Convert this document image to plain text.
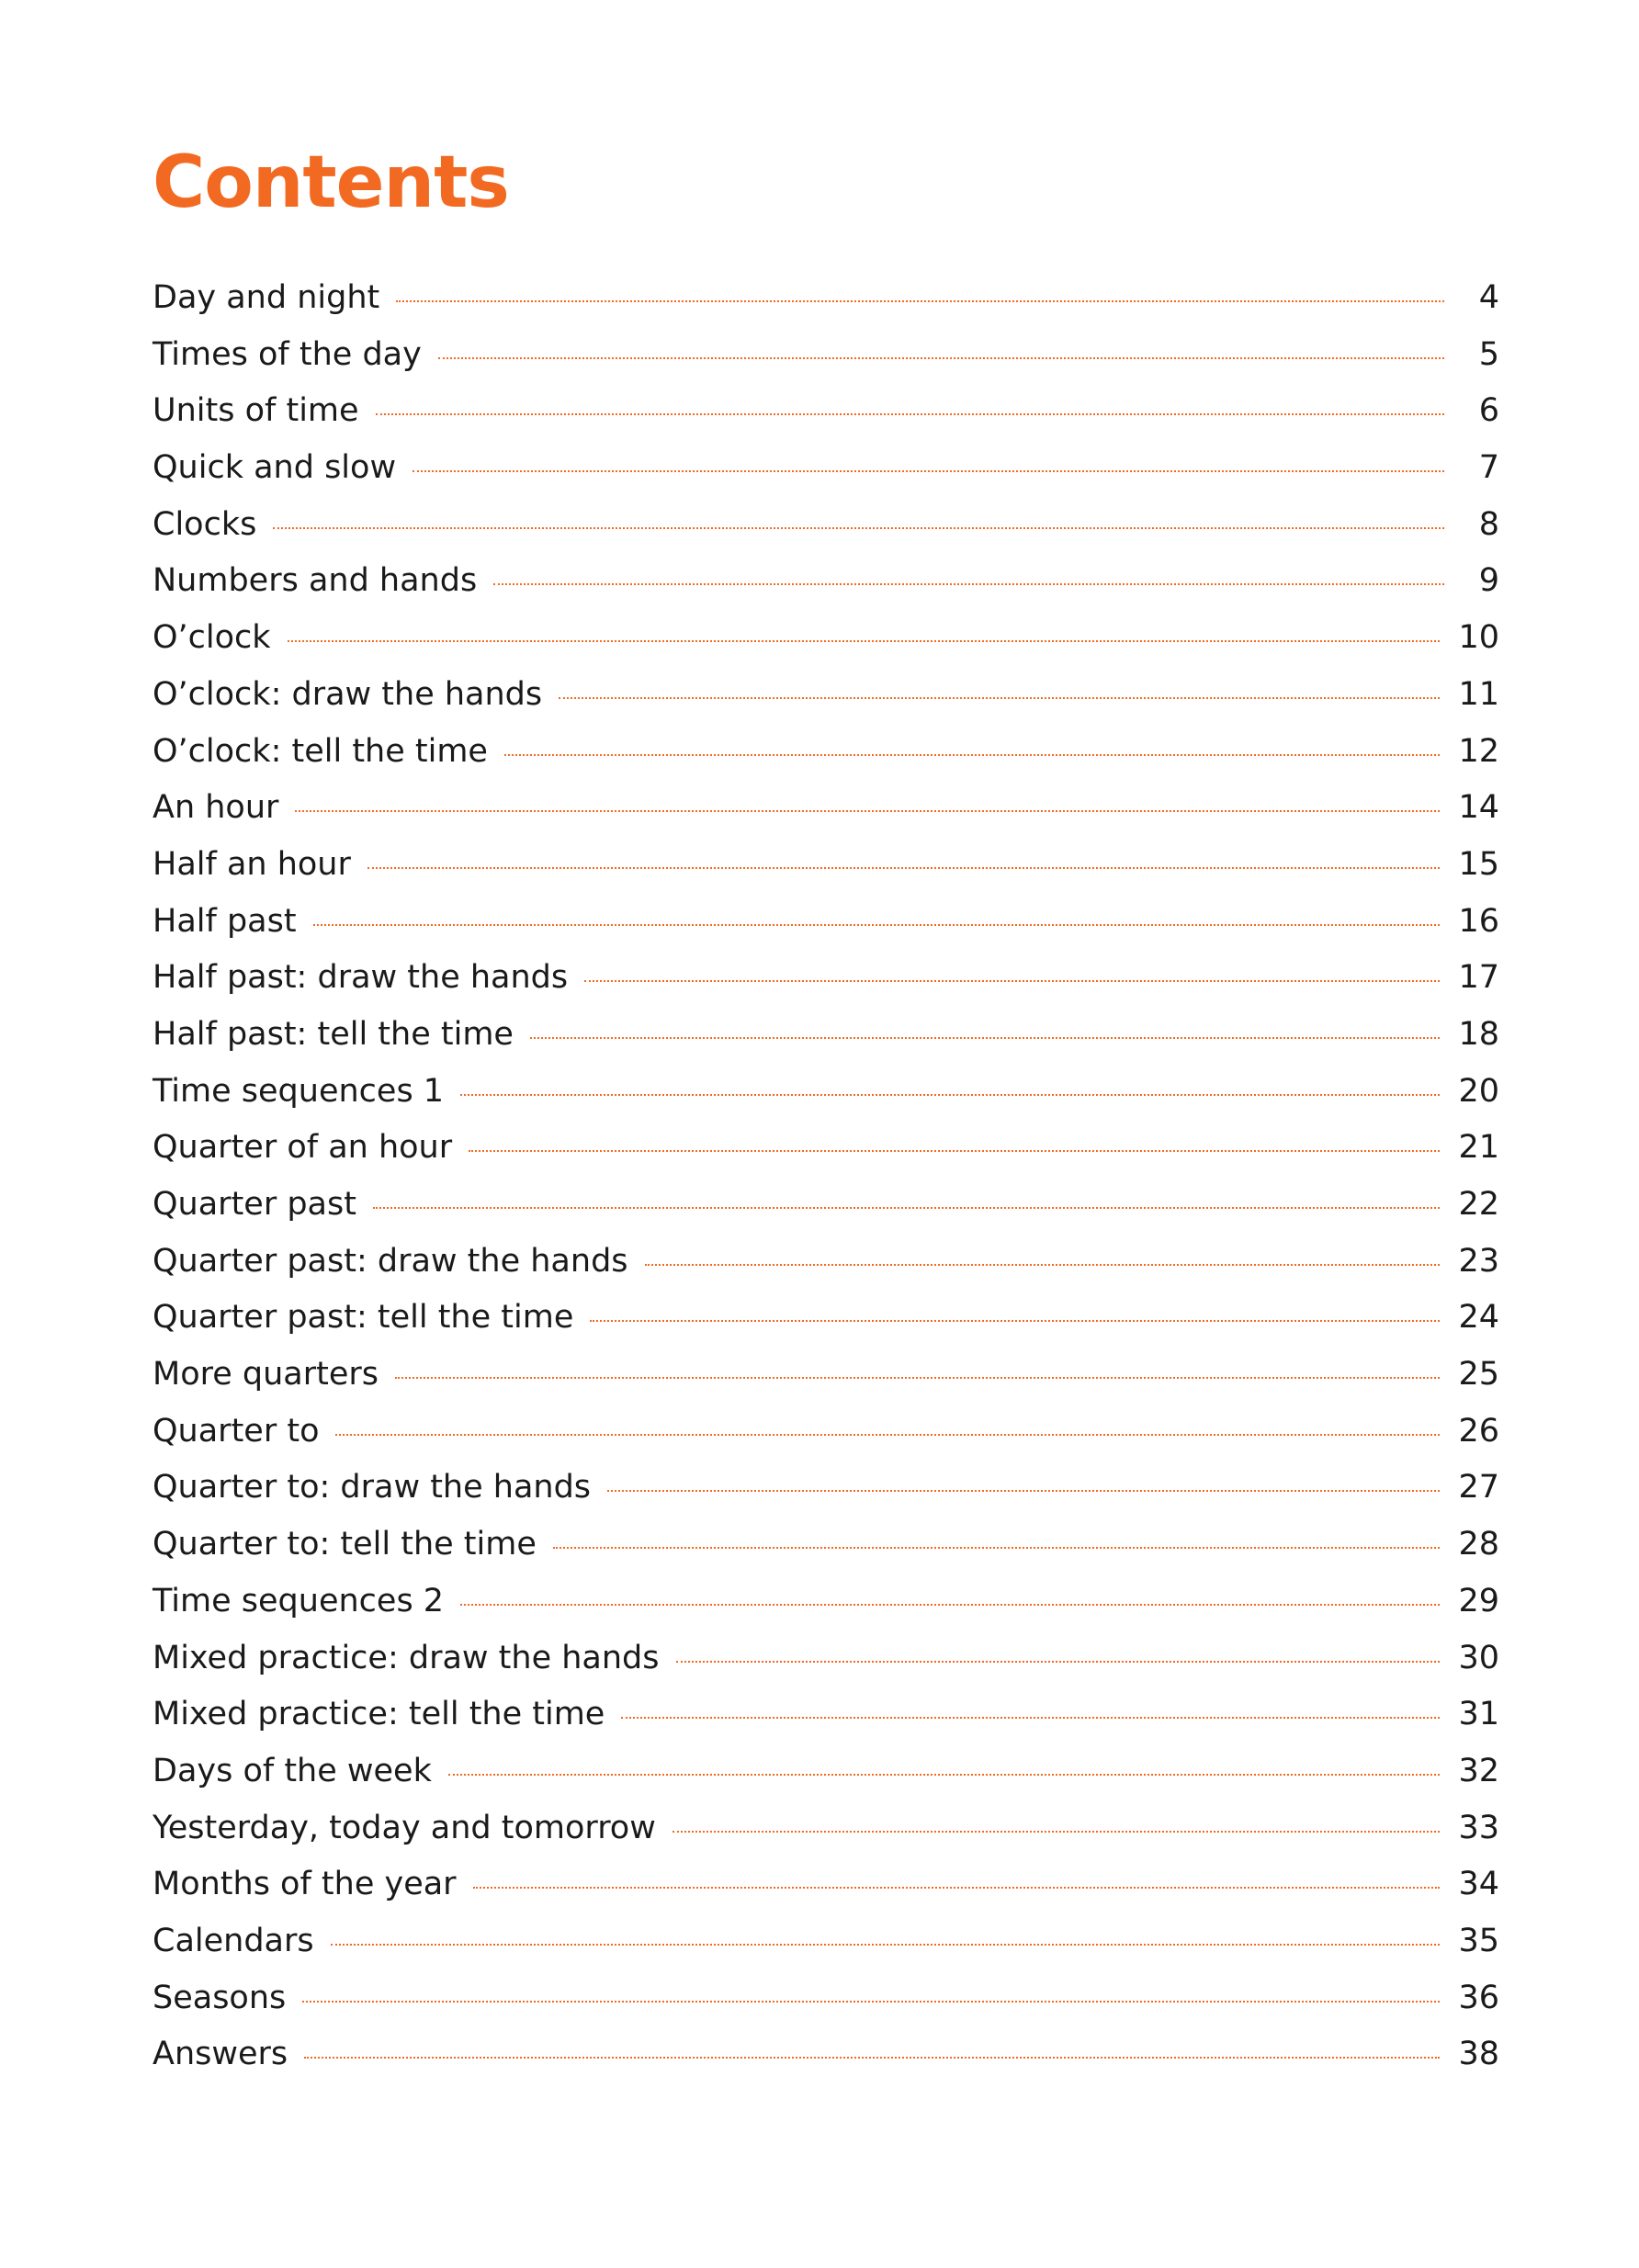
Contents
Day and night	4
Times of the day	5
Units of time	6
Quick and slow	7
Clocks	8
Numbers and hands	9
O’clock	10
O’clock: draw the hands	11
O’clock: tell the time	12
An hour	14
Half an hour	15
Half past	16
Half past: draw the hands	17
Half past: tell the time	18
Time sequences 1	20
Quarter of an hour	21
Quarter past	22
Quarter past: draw the hands	23
Quarter past: tell the time	24
More quarters	25
Quarter to	26
Quarter to: draw the hands	27
Quarter to: tell the time	28
Time sequences 2	29
Mixed practice: draw the hands	30
Mixed practice: tell the time	31
Days of the week	32
Yesterday, today and tomorrow	33
Months of the year	34
Calendars	35
Seasons	36
Answers	38
